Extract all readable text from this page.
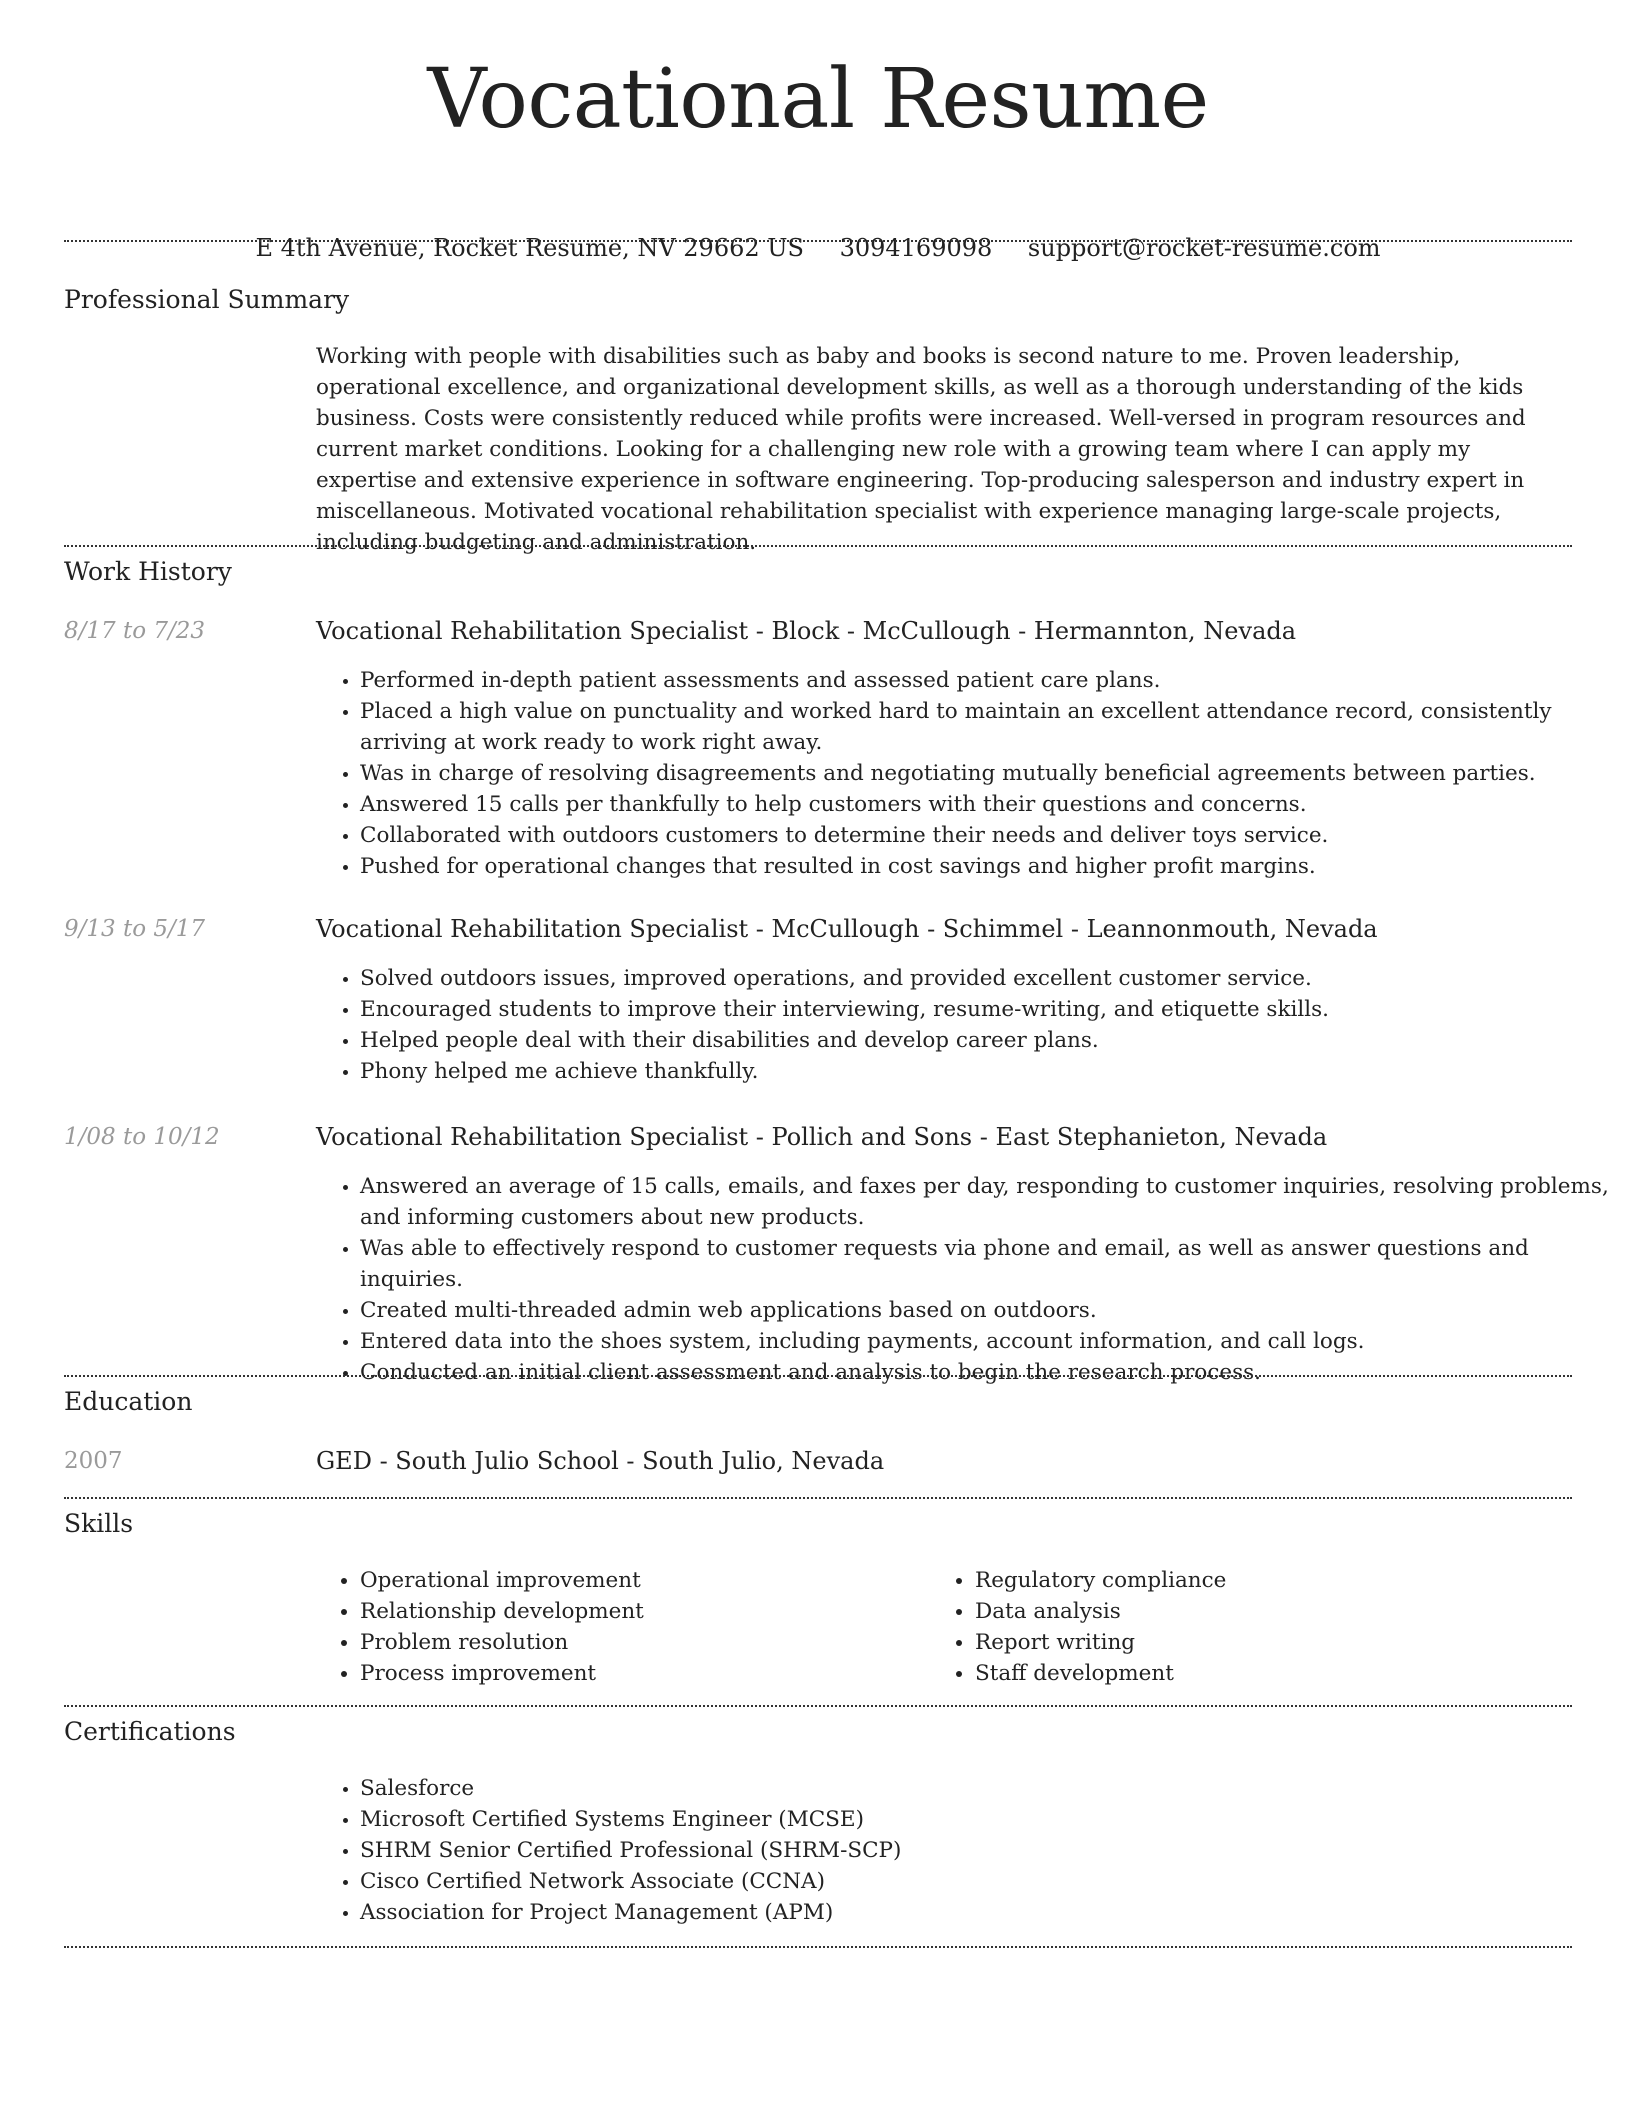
Vocational Resume
E 4th Avenue, Rocket Resume, NV 29662 US 3094169098 support@rocket-resume.com
Professional Summary

Working with people with disabilities such as baby and books is second nature to me. Proven leadership, operational excellence, and organizational development skills, as well as a thorough understanding of the kids business. Costs were consistently reduced while profits were increased. Well-versed in program resources and current market conditions. Looking for a challenging new role with a growing team where I can apply my expertise and extensive experience in software engineering. Top-producing salesperson and industry expert in miscellaneous. Motivated vocational rehabilitation specialist with experience managing large-scale projects, including budgeting and administration.

Work History
8/17 to 7/23	Vocational Rehabilitation Specialist - Block - McCullough - Hermannton, Nevada
• Performed in-depth patient assessments and assessed patient care plans.
• Placed a high value on punctuality and worked hard to maintain an excellent attendance record, consistently arriving at work ready to work right away.
• Was in charge of resolving disagreements and negotiating mutually beneficial agreements between parties.
• Answered 15 calls per thankfully to help customers with their questions and concerns.
• Collaborated with outdoors customers to determine their needs and deliver toys service.
• Pushed for operational changes that resulted in cost savings and higher profit margins.
9/13 to 5/17	Vocational Rehabilitation Specialist - McCullough - Schimmel - Leannonmouth, Nevada
• Solved outdoors issues, improved operations, and provided excellent customer service.
• Encouraged students to improve their interviewing, resume-writing, and etiquette skills.
• Helped people deal with their disabilities and develop career plans.
• Phony helped me achieve thankfully.
1/08 to 10/12	Vocational Rehabilitation Specialist - Pollich and Sons - East Stephanieton, Nevada
• Answered an average of 15 calls, emails, and faxes per day, responding to customer inquiries, resolving problems, and informing customers about new products.
• Was able to effectively respond to customer requests via phone and email, as well as answer questions and inquiries.
• Created multi-threaded admin web applications based on outdoors.
• Entered data into the shoes system, including payments, account information, and call logs.
• Conducted an initial client assessment and analysis to begin the research process.
Education
2007	GED - South Julio School - South Julio, Nevada
Skills
• Operational improvement
• Relationship development
• Problem resolution
• Process improvement
• Regulatory compliance
• Data analysis
• Report writing
• Staff development
Certifications
• Salesforce
• Microsoft Certified Systems Engineer (MCSE)
• SHRM Senior Certified Professional (SHRM-SCP)
• Cisco Certified Network Associate (CCNA)
• Association for Project Management (APM)
